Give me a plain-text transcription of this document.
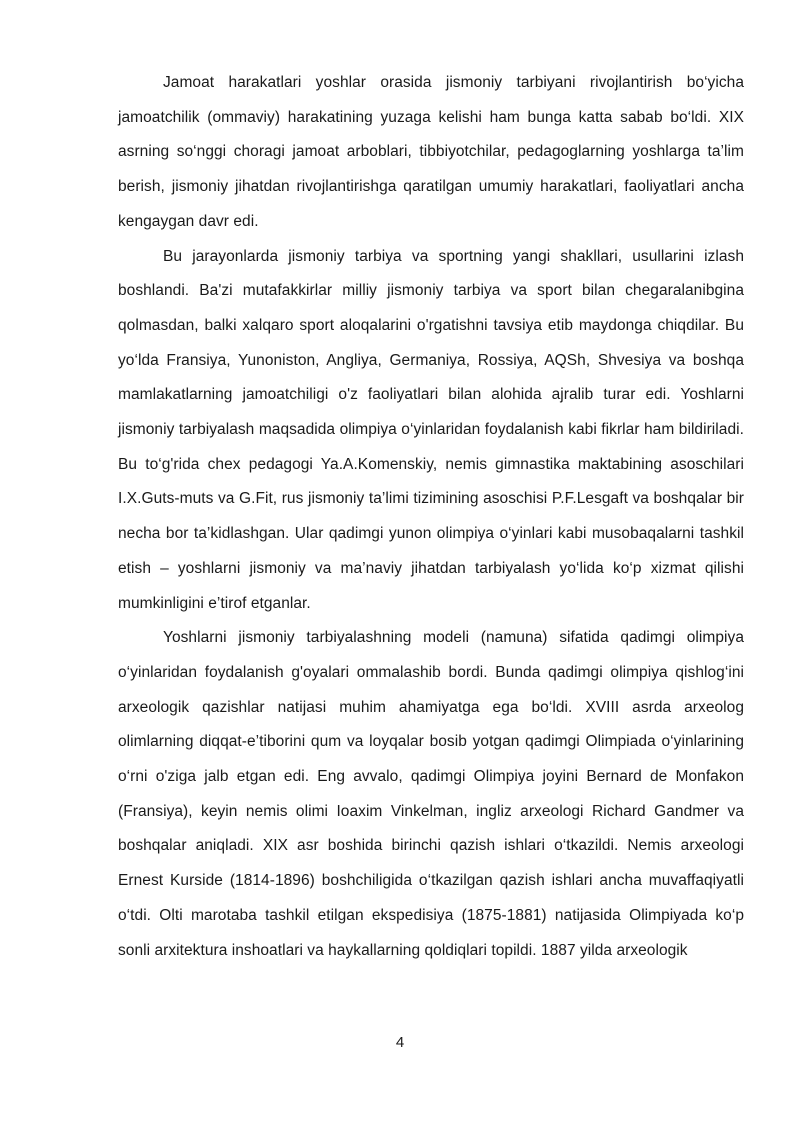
Jamoat harakatlari yoshlar orasida jismoniy tarbiyani rivojlantirish bo‘yicha jamoatchilik (ommaviy) harakatining yuzaga kelishi ham bunga katta sabab bo‘ldi. XIX asrning so‘nggi choragi jamoat arboblari, tibbiyotchilar, pedagoglarning yoshlarga ta’lim berish, jismoniy jihatdan rivojlantirishga qaratilgan umumiy harakatlari, faoliyatlari ancha kengaygan davr edi.

Bu jarayonlarda jismoniy tarbiya va sportning yangi shakllari, usullarini izlash boshlandi. Ba'zi mutafakkirlar milliy jismoniy tarbiya va sport bilan chegaralanibgina qolmasdan, balki xalqaro sport aloqalarini o'rgatishni tavsiya etib maydonga chiqdilar. Bu yo‘lda Fransiya, Yunoniston, Angliya, Germaniya, Rossiya, AQSh, Shvesiya va boshqa mamlakatlarning jamoatchiligi o'z faoliyatlari bilan alohida ajralib turar edi. Yoshlarni jismoniy tarbiyalash maqsadida olimpiya o‘yinlaridan foydalanish kabi fikrlar ham bildiriladi. Bu to‘g'rida chex pedagogi Ya.A.Komenskiy, nemis gimnastika maktabining asoschilari I.X.Guts-muts va G.Fit, rus jismoniy ta’limi tizimining asoschisi P.F.Lesgaft va boshqalar bir necha bor ta’kidlashgan. Ular qadimgi yunon olimpiya o‘yinlari kabi musobaqalarni tashkil etish – yoshlarni jismoniy va ma’naviy jihatdan tarbiyalash yo‘lida ko‘p xizmat qilishi mumkinligini e’tirof etganlar.

Yoshlarni jismoniy tarbiyalashning modeli (namuna) sifatida qadimgi olimpiya o‘yinlaridan foydalanish g'oyalari ommalashib bordi. Bunda qadimgi olimpiya qishlog‘ini arxeologik qazishlar natijasi muhim ahamiyatga ega bo‘ldi. XVIII asrda arxeolog olimlarning diqqat-e’tiborini qum va loyqalar bosib yotgan qadimgi Olimpiada o‘yinlarining o‘rni o'ziga jalb etgan edi. Eng avvalo, qadimgi Olimpiya joyini Bernard de Monfakon (Fransiya), keyin nemis olimi Ioaxim Vinkelman, ingliz arxeologi Richard Gandmer va boshqalar aniqladi. XIX asr boshida birinchi qazish ishlari o‘tkazildi. Nemis arxeologi Ernest Kurside (1814-1896) boshchiligida o‘tkazilgan qazish ishlari ancha muvaffaqiyatli o‘tdi. Olti marotaba tashkil etilgan ekspedisiya (1875-1881) natijasida Olimpiyada ko‘p sonli arxitektura inshoatlari va haykallarning qoldiqlari topildi. 1887 yilda arxeologik

4
